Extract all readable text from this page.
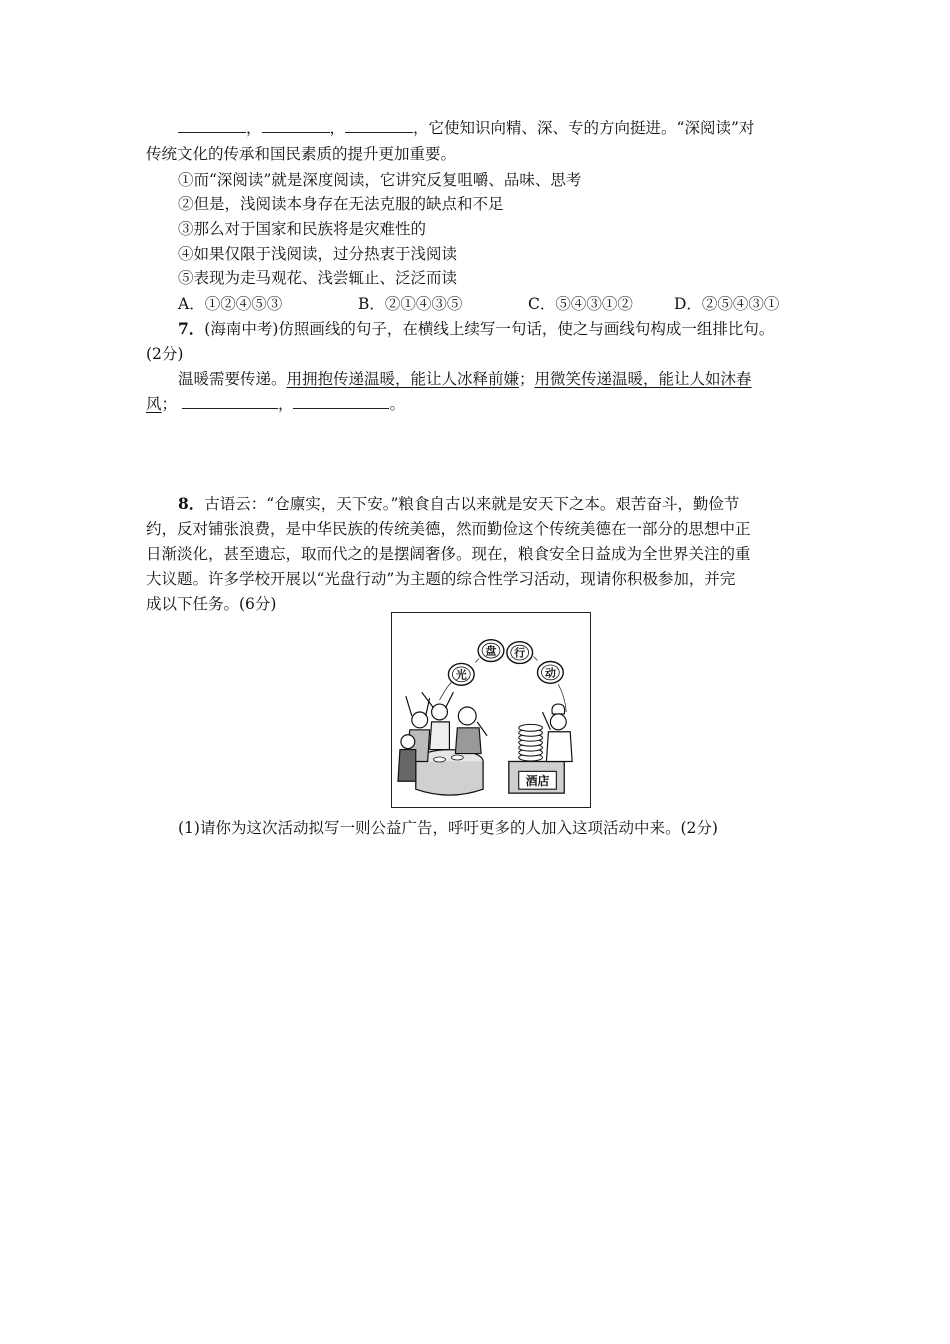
，	，	，它使知识向精、深、专的方向挺进。“深阅读”对
传统文化的传承和国民素质的提升更加重要。
①而“深阅读”就是深度阅读，它讲究反复咀嚼、品味、思考
②但是，浅阅读本身存在无法克服的缺点和不足
③那么对于国家和民族将是灾难性的
④如果仅限于浅阅读，过分热衷于浅阅读
⑤表现为走马观花、浅尝辄止、泛泛而读
A．①②④⑤③	B．②①④③⑤	C．⑤④③①②	D．②⑤④③①
7．(海南中考)仿照画线的句子，在横线上续写一句话，使之与画线句构成一组排比句。
(2分)
温暖需要传递。用拥抱传递温暖，能让人冰释前嫌；用微笑传递温暖，能让人如沐春
风；	，	。
8．古语云：“仓廪实，天下安。”粮食自古以来就是安天下之本。艰苦奋斗，勤俭节
约，反对铺张浪费，是中华民族的传统美德，然而勤俭这个传统美德在一部分的思想中正
日渐淡化，甚至遗忘，取而代之的是摆阔奢侈。现在，粮食安全日益成为全世界关注的重
大议题。许多学校开展以“光盘行动”为主题的综合性学习活动，现请你积极参加，并完
成以下任务。(6分)
光
盘 行
动
酒店
(1)请你为这次活动拟写一则公益广告，呼吁更多的人加入这项活动中来。(2分)
